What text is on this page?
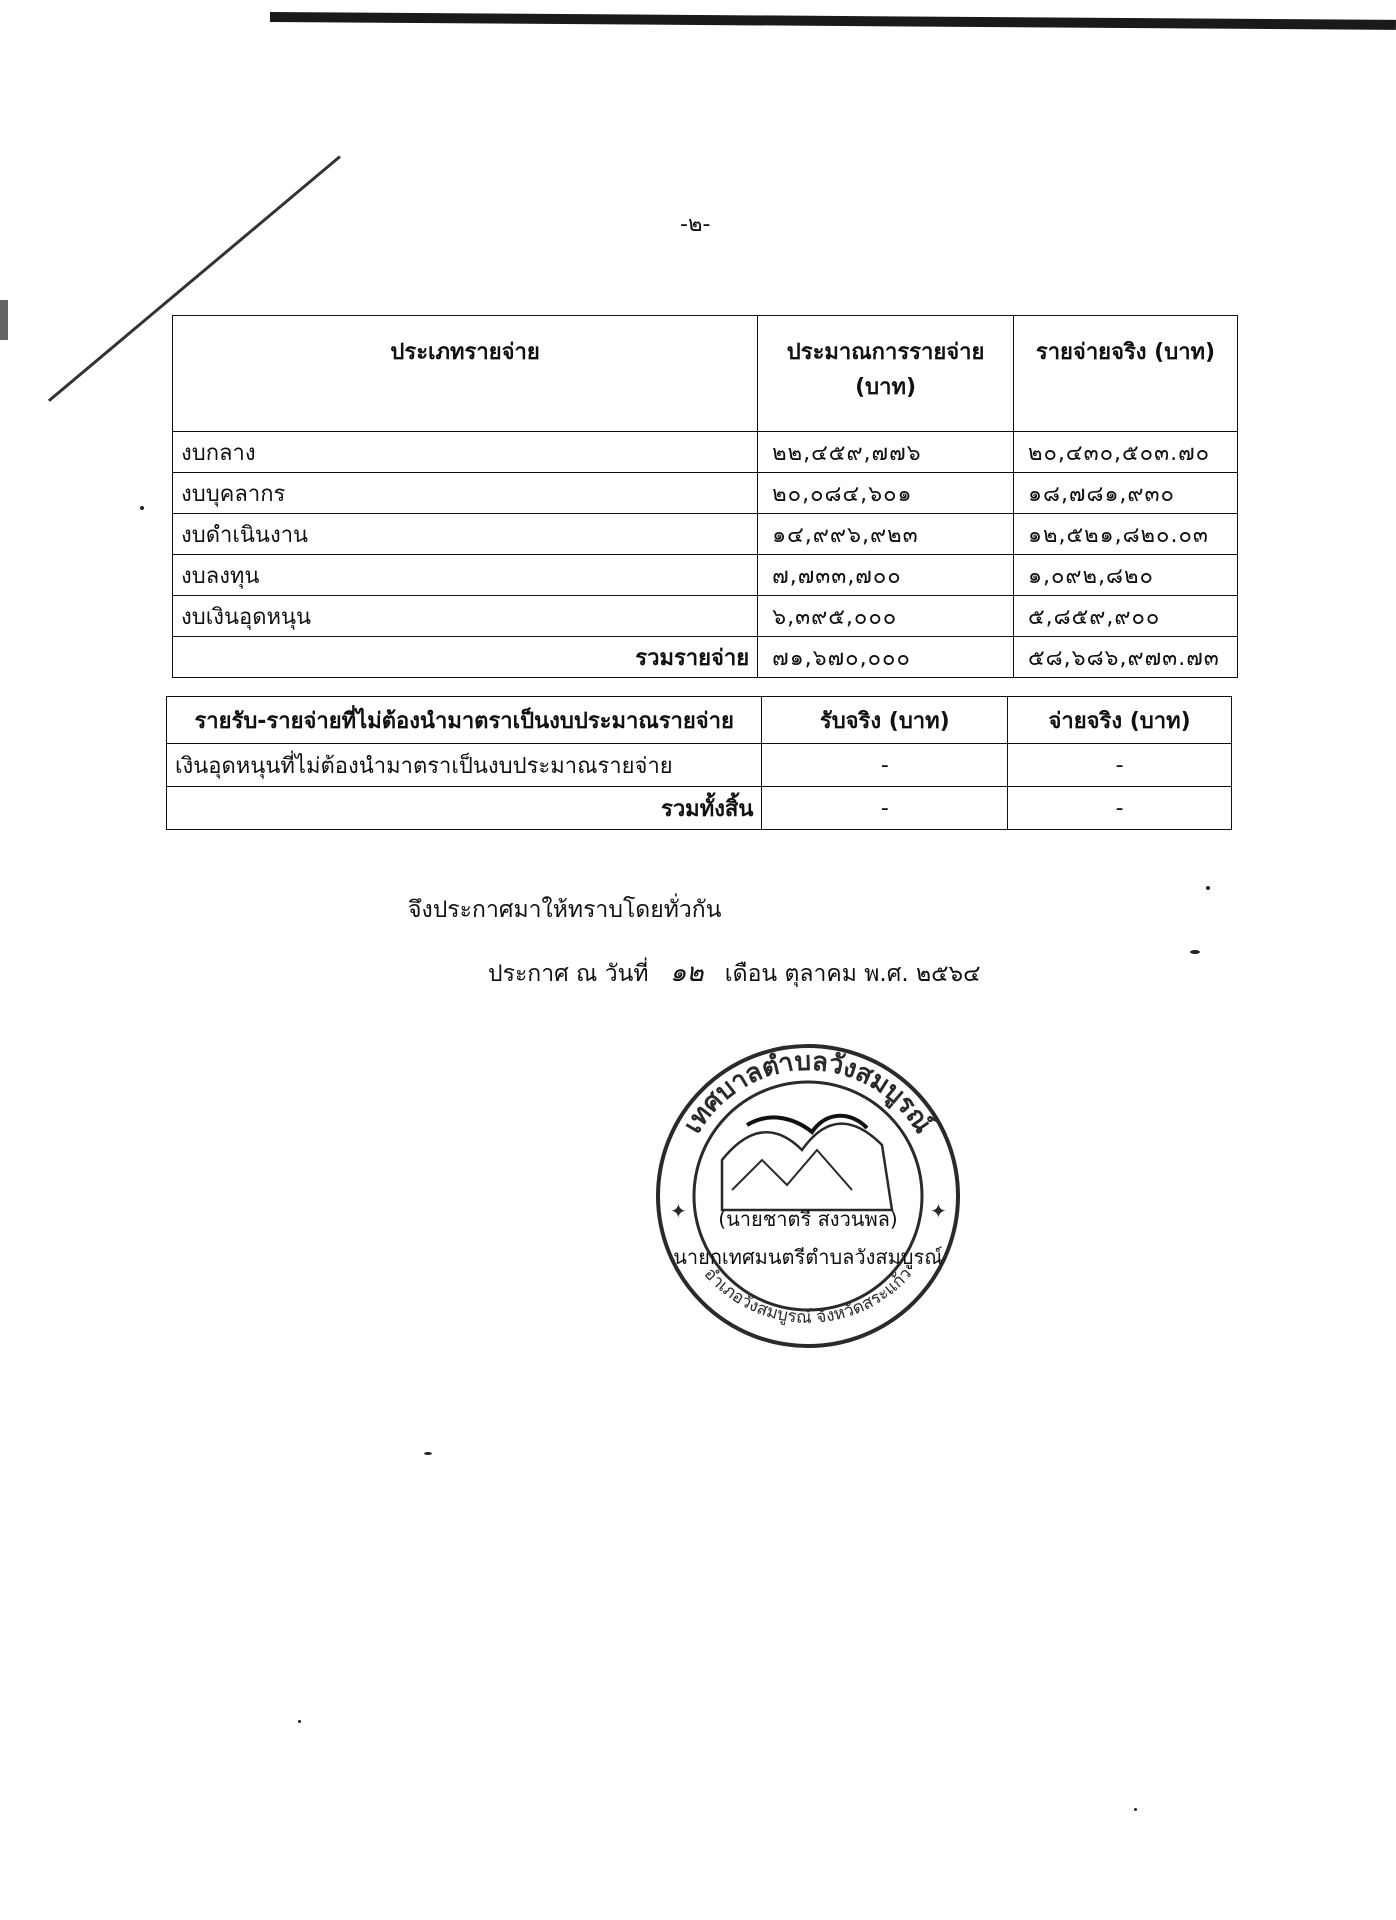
-๒-
ประเภทรายจ่าย	ประมาณการรายจ่าย (บาท)	รายจ่ายจริง (บาท)
งบกลาง	๒๒,๔๕๙,๗๗๖	๒๐,๔๓๐,๕๐๓.๗๐
งบบุคลากร	๒๐,๐๘๔,๖๐๑	๑๘,๗๘๑,๙๓๐
งบดำเนินงาน	๑๔,๙๙๖,๙๒๓	๑๒,๕๒๑,๘๒๐.๐๓
งบลงทุน	๗,๗๓๓,๗๐๐	๑,๐๙๒,๘๒๐
งบเงินอุดหนุน	๖,๓๙๕,๐๐๐	๕,๘๕๙,๙๐๐
รวมรายจ่าย	๗๑,๖๗๐,๐๐๐	๕๘,๖๘๖,๙๗๓.๗๓
รายรับ-รายจ่ายที่ไม่ต้องนำมาตราเป็นงบประมาณรายจ่าย	รับจริง (บาท)	จ่ายจริง (บาท)
เงินอุดหนุนที่ไม่ต้องนำมาตราเป็นงบประมาณรายจ่าย	-	-
รวมทั้งสิ้น	-	-
จึงประกาศมาให้ทราบโดยทั่วกัน
ประกาศ ณ วันที่ ๑๒ เดือน ตุลาคม พ.ศ. ๒๕๖๔
เทศบาลตำบลวังสมบูรณ์
อำเภอวังสมบูรณ์ จังหวัดสระแก้ว
✦	✦
(นายชาตรี สงวนพล)
นายกเทศมนตรีตำบลวังสมบูรณ์
